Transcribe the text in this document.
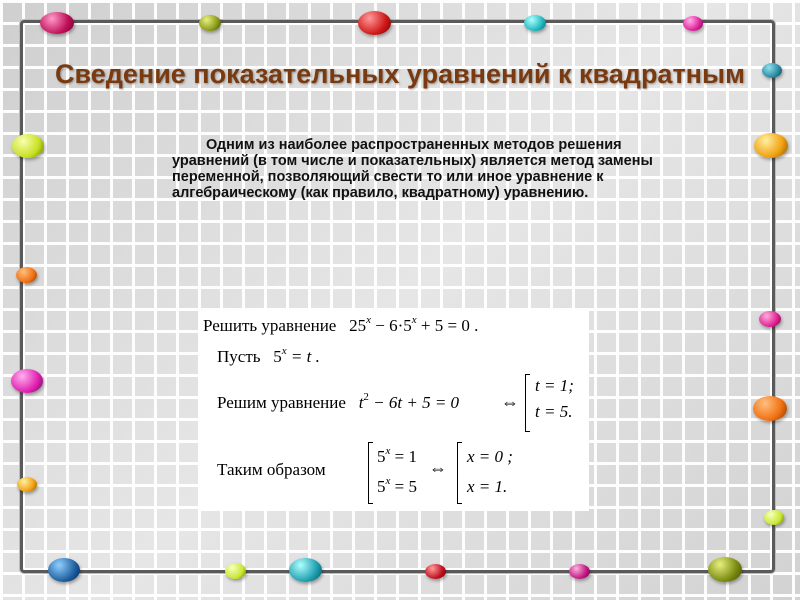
Сведение показательных уравнений к квадратным

Одним из наиболее распространенных методов решения уравнений (в том числе и показательных) является метод замены переменной, позволяющий свести то или иное уравнение к алгебраическому (как правило, квадратному) уравнению.

Решить уравнение $25^x - 6\cdot 5^x + 5 = 0$ .
Пусть $5^x = t$ .
Решим уравнение $t^2 - 6t + 5 = 0$ ⇔
t = 1;
t = 5.
Таким образом
$5^x = 1$
$5^x = 5$
⇔
x = 0 ;
x = 1.
